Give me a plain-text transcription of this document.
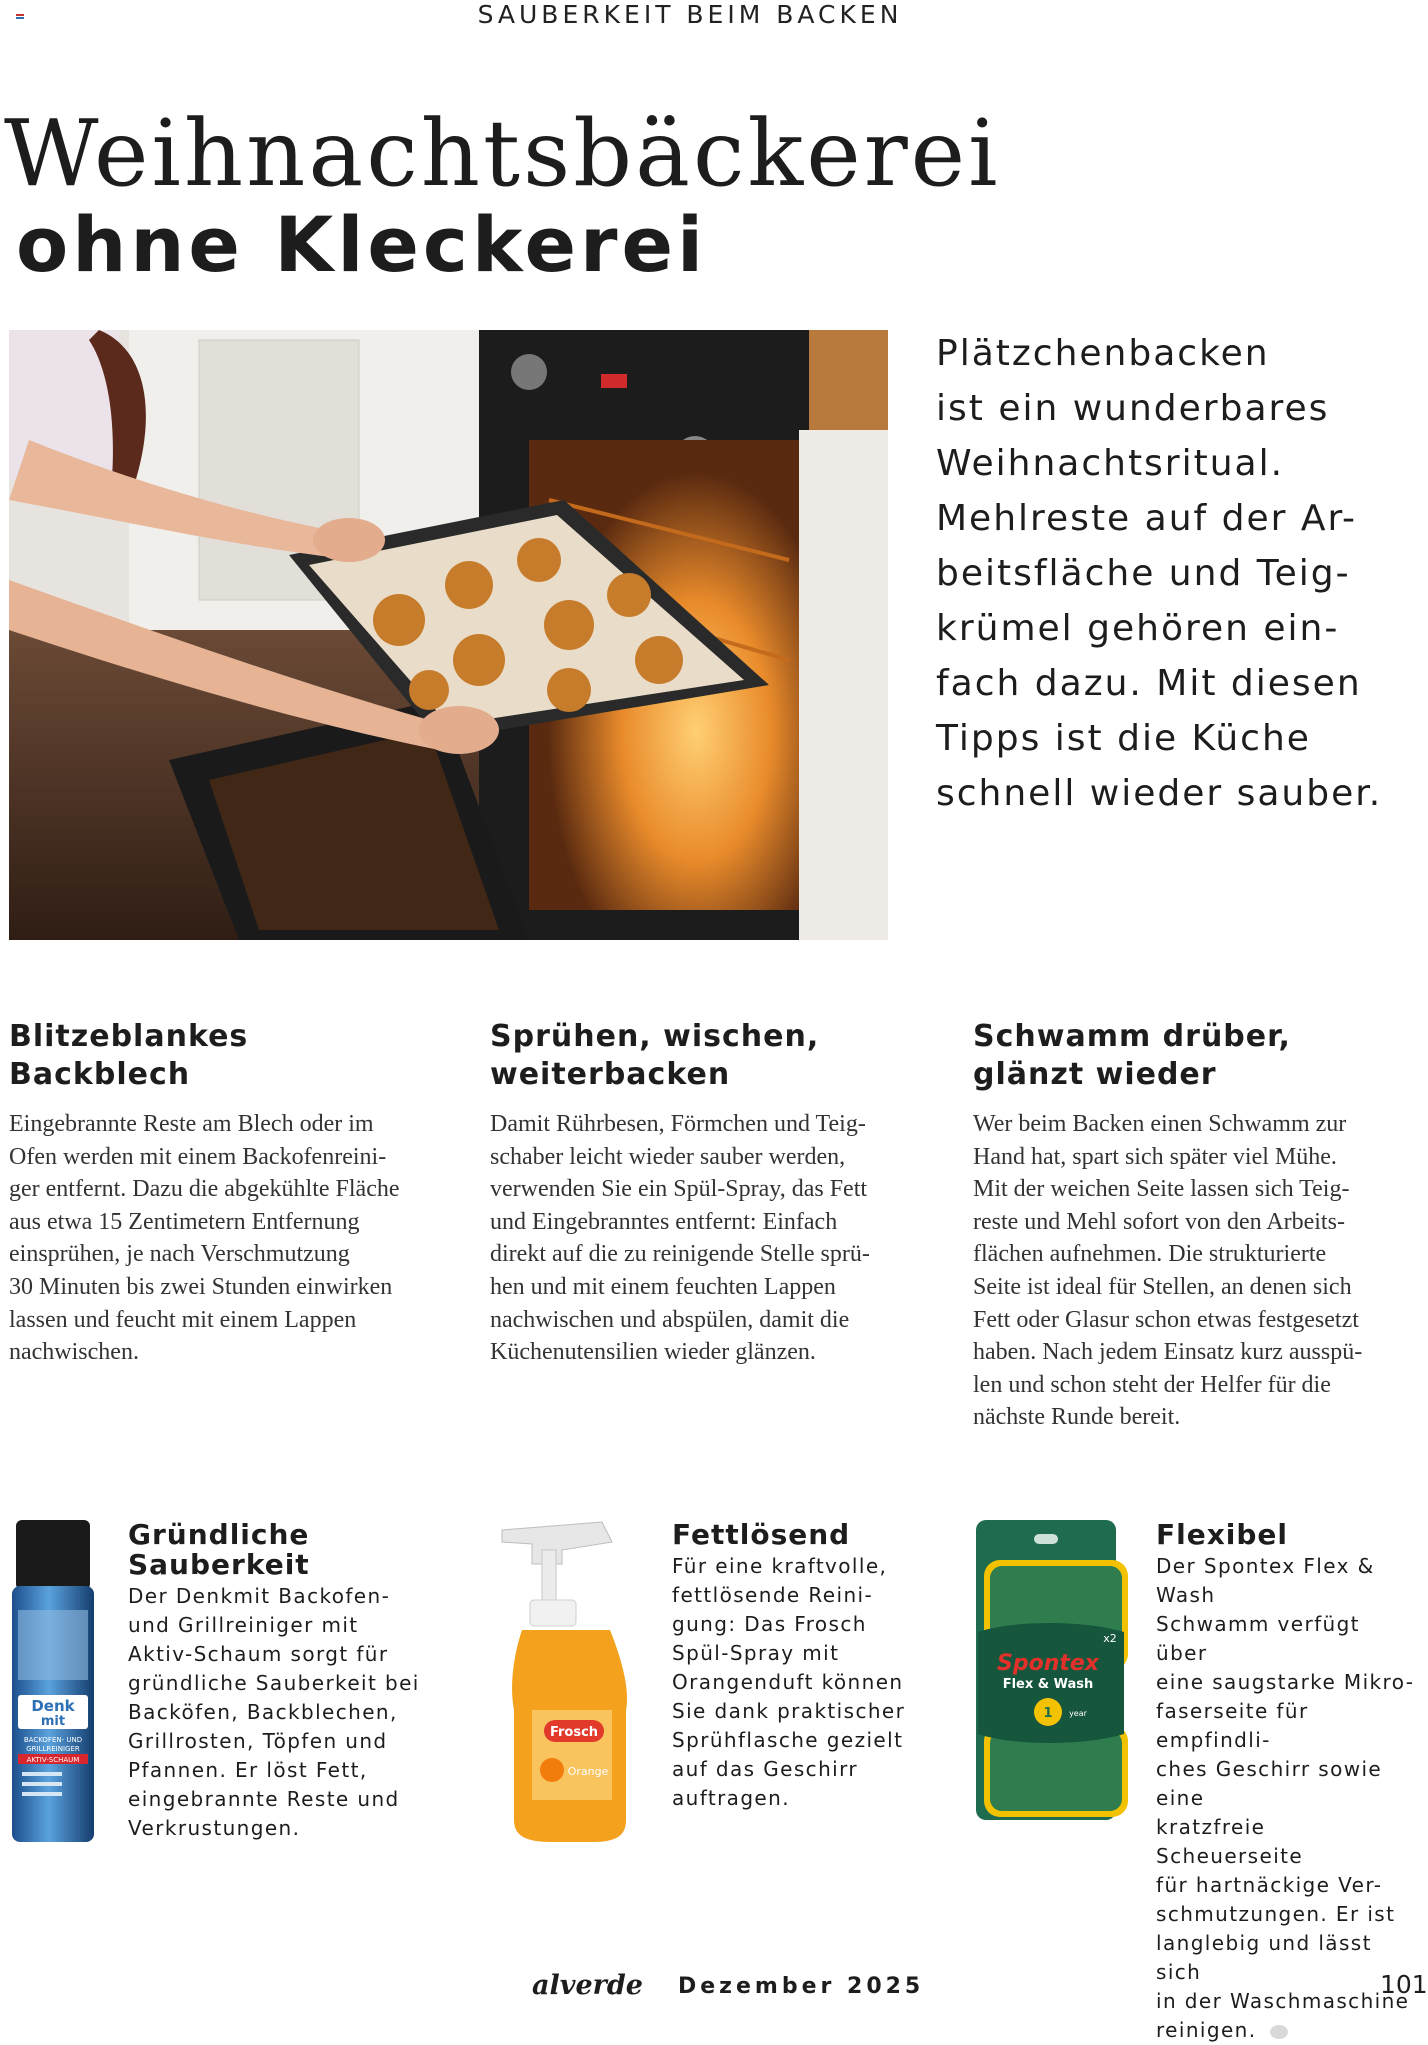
SAUBERKEIT BEIM BACKEN
Weihnachtsbäckerei
ohne Kleckerei
Plätzchenbacken
ist ein wunderbares
Weihnachtsritual.
Mehlreste auf der Ar-
beitsfläche und Teig-
krümel gehören ein-
fach dazu. Mit diesen
Tipps ist die Küche
schnell wieder sauber.
Blitzeblankes
Backblech
Eingebrannte Reste am Blech oder im
Ofen werden mit einem Backofenreini-
ger entfernt. Dazu die abgekühlte Fläche
aus etwa 15 Zentimetern Entfernung
einsprühen, je nach Verschmutzung
30 Minuten bis zwei Stunden einwirken
lassen und feucht mit einem Lappen
nachwischen.
Sprühen, wischen,
weiterbacken
Damit Rührbesen, Förmchen und Teig-
schaber leicht wieder sauber werden,
verwenden Sie ein Spül-Spray, das Fett
und Eingebranntes entfernt: Einfach
direkt auf die zu reinigende Stelle sprü-
hen und mit einem feuchten Lappen
nachwischen und abspülen, damit die
Küchenutensilien wieder glänzen.
Schwamm drüber,
glänzt wieder
Wer beim Backen einen Schwamm zur
Hand hat, spart sich später viel Mühe.
Mit der weichen Seite lassen sich Teig-
reste und Mehl sofort von den Arbeits-
flächen aufnehmen. Die strukturierte
Seite ist ideal für Stellen, an denen sich
Fett oder Glasur schon etwas festgesetzt
haben. Nach jedem Einsatz kurz ausspü-
len und schon steht der Helfer für die
nächste Runde bereit.
Denk
mit
BACKOFEN- UND
GRILLREINIGER
AKTIV-SCHAUM
Gründliche
Sauberkeit
Der Denkmit Backofen-
und Grillreiniger mit
Aktiv-Schaum sorgt für
gründliche Sauberkeit bei
Backöfen, Backblechen,
Grillrosten, Töpfen und
Pfannen. Er löst Fett,
eingebrannte Reste und
Verkrustungen.
Frosch
Orange
Fettlösend
Für eine kraftvolle,
fettlösende Reini-
gung: Das Frosch
Spül-Spray mit
Orangenduft können
Sie dank praktischer
Sprühflasche gezielt
auf das Geschirr
auftragen.
Spontex
x2
Flex & Wash
1 year
Flexibel
Der Spontex Flex & Wash
Schwamm verfügt über
eine saugstarke Mikro-
faserseite für empfindli-
ches Geschirr sowie eine
kratzfreie Scheuerseite
für hartnäckige Ver-
schmutzungen. Er ist
langlebig und lässt sich
in der Waschmaschine
reinigen.
alverde Dezember 2025	101
